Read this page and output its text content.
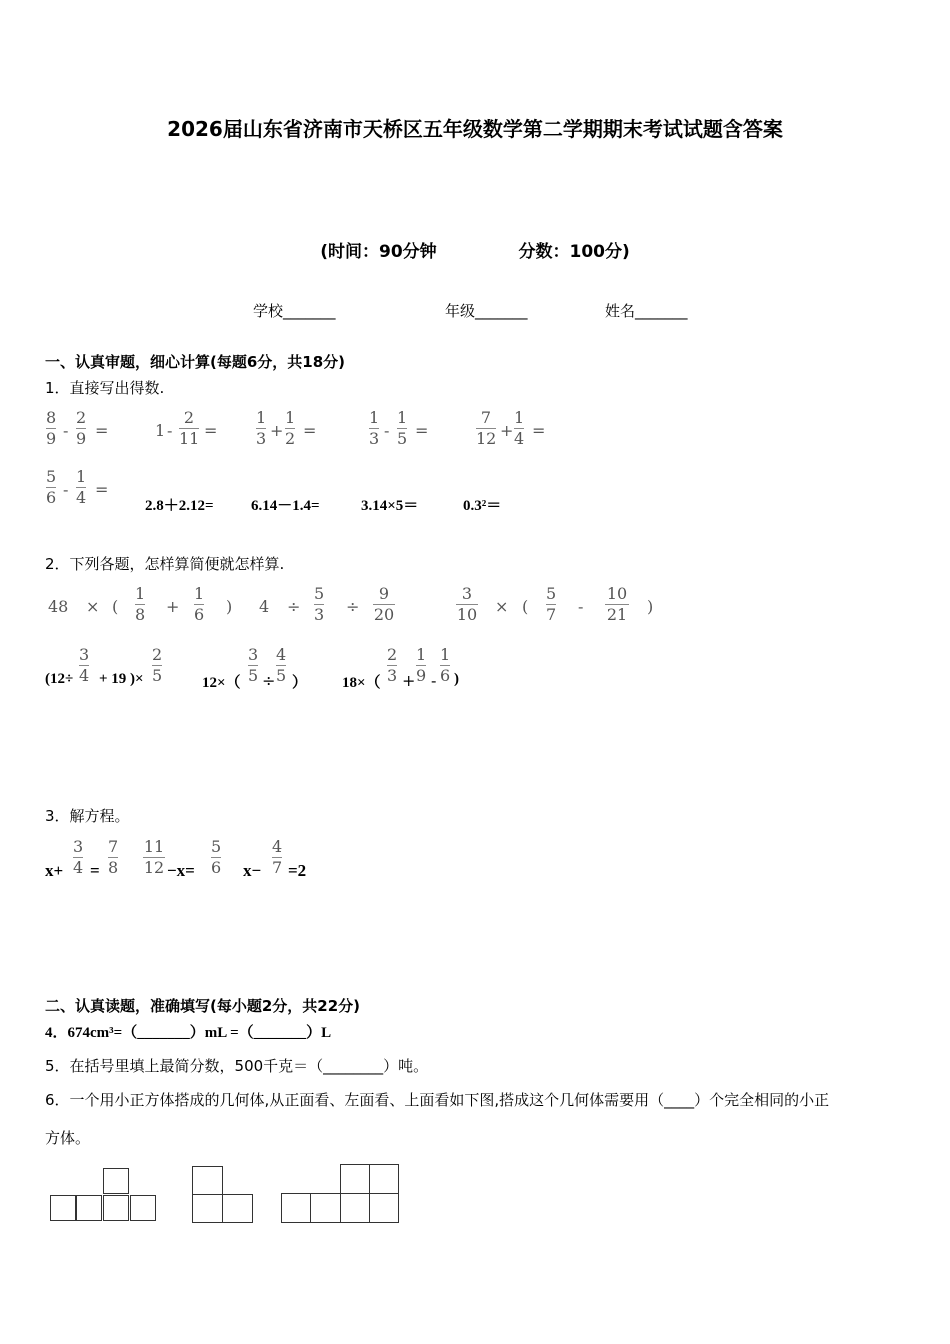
2026届山东省济南市天桥区五年级数学第二学期期末考试试题含答案
(时间：90分钟	分数：100分)
学校_______	年级_______	姓名_______
一、认真审题，细心计算(每题6分，共18分)
1．直接写出得数.
8
9 -
2
9 =	1 -
2
11 =
1
3 +
1
2 =
1
3 -
1
5 =
7
12 +
1
4 =
5
6 -
1
4 =
2.8＋2.12= 6.14－1.4=	3.14×5＝	0.3²＝
2．下列各题，怎样算简便就怎样算.
48 × (
1
8 +
1
6 ) 4 ÷
5
3 ÷
9
20
3
10 × (
5
7 -
10
21 )
(12÷
3
4 + 19 )×
2
5	12×（
3
5 ÷
4
5 ） 18×（
2
3 +
1
9 -
1
6 )
3．解方程。
x+
3
4 =
7
8
11
12 −x=
5
6 x−
4
7 =2
二、认真读题，准确填写(每小题2分，共22分)
4．674cm³=（_______）mL =（_______）L
5．在括号里填上最简分数，500千克＝（________）吨。
6．一个用小正方体搭成的几何体,从正面看、左面看、上面看如下图,搭成这个几何体需要用（____）个完全相同的小正
方体。
